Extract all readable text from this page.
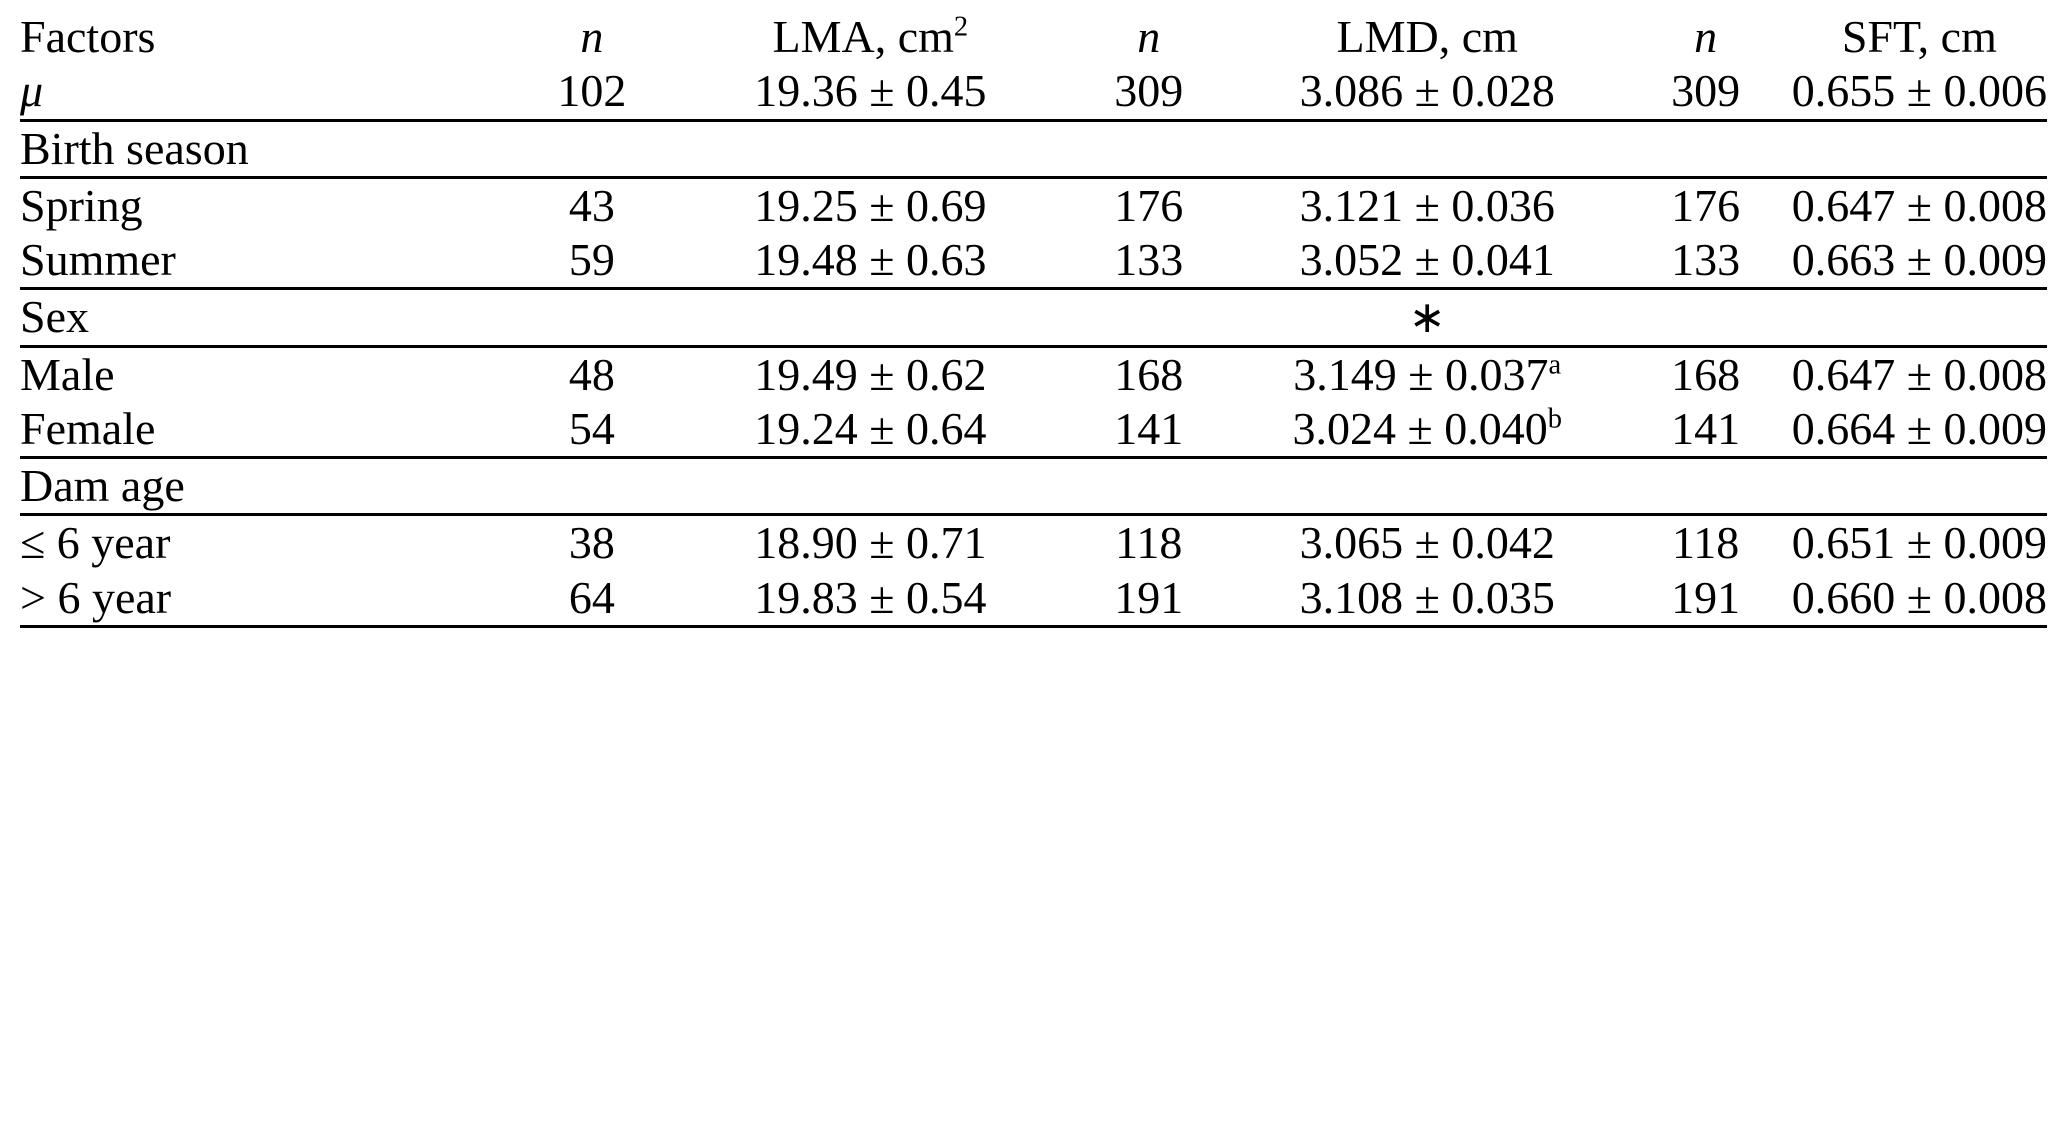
Factors	n	LMA, $cm^2$	n	LMD, cm	n	SFT, cm
μ	102	19.36 ± 0.45	309	3.086 ± 0.028	309	0.655 ± 0.006
Birth season						
Spring	43	19.25 ± 0.69	176	3.121 ± 0.036	176	0.647 ± 0.008
Summer	59	19.48 ± 0.63	133	3.052 ± 0.041	133	0.663 ± 0.009
Sex				∗		
Male	48	19.49 ± 0.62	168	3.149 ± 0.037$^a$	168	0.647 ± 0.008
Female	54	19.24 ± 0.64	141	3.024 ± 0.040$^b$	141	0.664 ± 0.009
Dam age						
≤ 6 year	38	18.90 ± 0.71	118	3.065 ± 0.042	118	0.651 ± 0.009
> 6 year	64	19.83 ± 0.54	191	3.108 ± 0.035	191	0.660 ± 0.008
